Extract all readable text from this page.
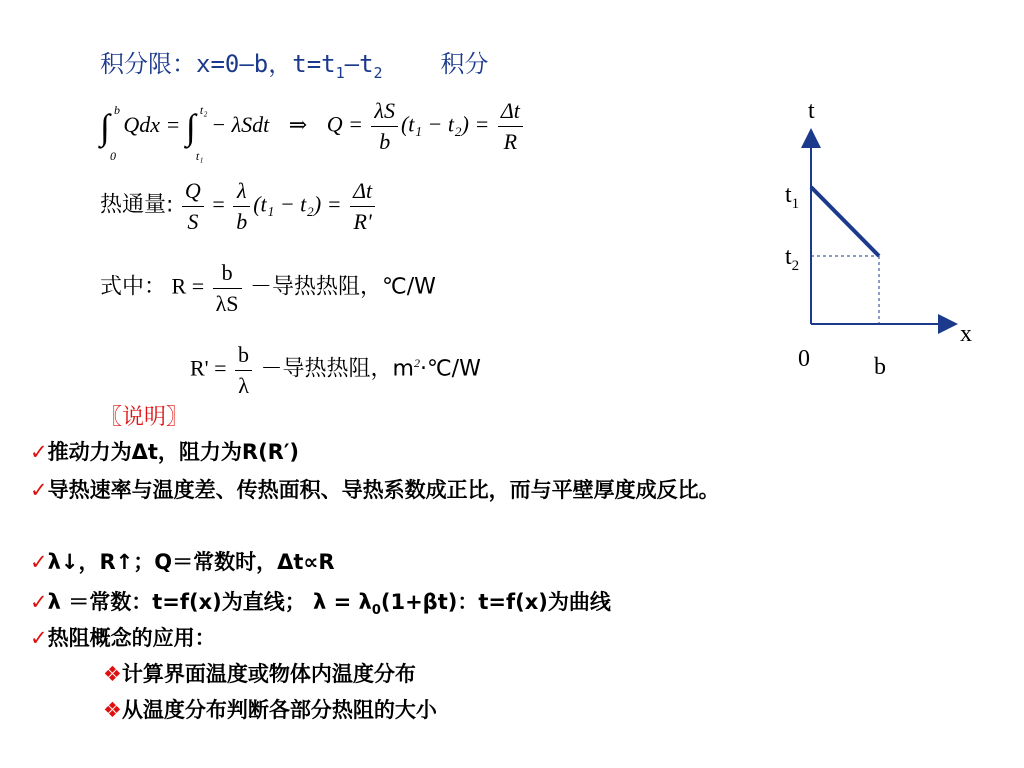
积分限：x=0—b，$t=t_1—t_2$ 积分
∫ b
0
Qdx = ∫ t₂
t₁
− λSdt ⇒ $Q = \frac{\lambda S}{b} (t_1 - t_2) = \frac{\Delta t}{R}$
热通量: $\frac{Q}{S} = \frac{\lambda}{b} (t_1 - t_2) = \frac{\Delta t}{R'}$
式中： $R = \frac{b}{\lambda S}$ －导热热阻，℃/W
$R' = \frac{b}{\lambda}$ －导热热阻，$m^2\cdot℃/W$
t
x
0	b
$t_1$
$t_2$
〖说明〗
✓推动力为Δt，阻力为R(R′)
✓导热速率与温度差、传热面积、导热系数成正比，而与平壁厚度成反比。
✓λ↓，R↑；Q＝常数时，Δt∝R
✓λ ＝常数：t=f(x)为直线； $\lambda = \lambda_0(1+\beta t)$：t=f(x)为曲线
✓热阻概念的应用：
❖计算界面温度或物体内温度分布
❖从温度分布判断各部分热阻的大小
